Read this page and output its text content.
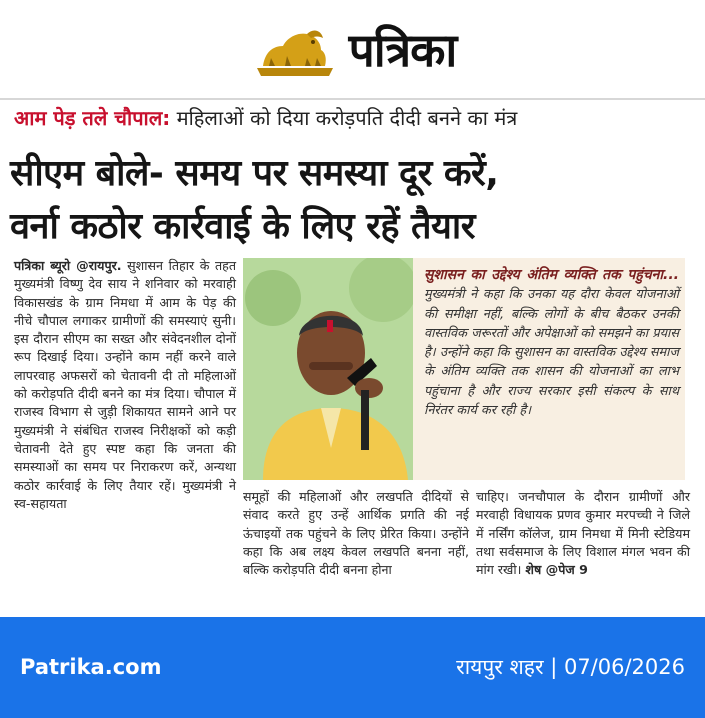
पत्रिका
आम पेड़ तले चौपाल: महिलाओं को दिया करोड़पति दीदी बनने का मंत्र
सीएम बोले- समय पर समस्या दूर करें,
वर्ना कठोर कार्रवाई के लिए रहें तैयार
पत्रिका ब्यूरो @रायपुर. सुशासन तिहार के तहत मुख्यमंत्री विष्णु देव साय ने शनिवार को मरवाही विकासखंड के ग्राम निमधा में आम के पेड़ की नीचे चौपाल लगाकर ग्रामीणों की समस्याएं सुनी। इस दौरान सीएम का सख्त और संवेदनशील दोनों रूप दिखाई दिया। उन्होंने काम नहीं करने वाले लापरवाह अफसरों को चेतावनी दी तो महिलाओं को करोड़पति दीदी बनने का मंत्र दिया। चौपाल में राजस्व विभाग से जुड़ी शिकायत सामने आने पर मुख्यमंत्री ने संबंधित राजस्व निरीक्षकों को कड़ी चेतावनी देते हुए स्पष्ट कहा कि जनता की समस्याओं का समय पर निराकरण करें, अन्यथा कठोर कार्रवाई के लिए तैयार रहें। मुख्यमंत्री ने स्व-सहायता
सुशासन का उद्देश्य अंतिम व्यक्ति तक पहुंचना... मुख्यमंत्री ने कहा कि उनका यह दौरा केवल योजनाओं की समीक्षा नहीं, बल्कि लोगों के बीच बैठकर उनकी वास्तविक जरूरतों और अपेक्षाओं को समझने का प्रयास है। उन्होंने कहा कि सुशासन का वास्तविक उद्देश्य समाज के अंतिम व्यक्ति तक शासन की योजनाओं का लाभ पहुंचाना है और राज्य सरकार इसी संकल्प के साथ निरंतर कार्य कर रही है।
समूहों की महिलाओं और लखपति दीदियों से संवाद करते हुए उन्हें आर्थिक प्रगति की नई ऊंचाइयों तक पहुंचने के लिए प्रेरित किया। उन्होंने कहा कि अब लक्ष्य केवल लखपति बनना नहीं, बल्कि करोड़पति दीदी बनना होना
चाहिए। जनचौपाल के दौरान ग्रामीणों और मरवाही विधायक प्रणव कुमार मरपच्ची ने जिले में नर्सिंग कॉलेज, ग्राम निमधा में मिनी स्टेडियम तथा सर्वसमाज के लिए विशाल मंगल भवन की मांग रखी। शेष @पेज 9
Patrika.com	रायपुर शहर | 07/06/2026
